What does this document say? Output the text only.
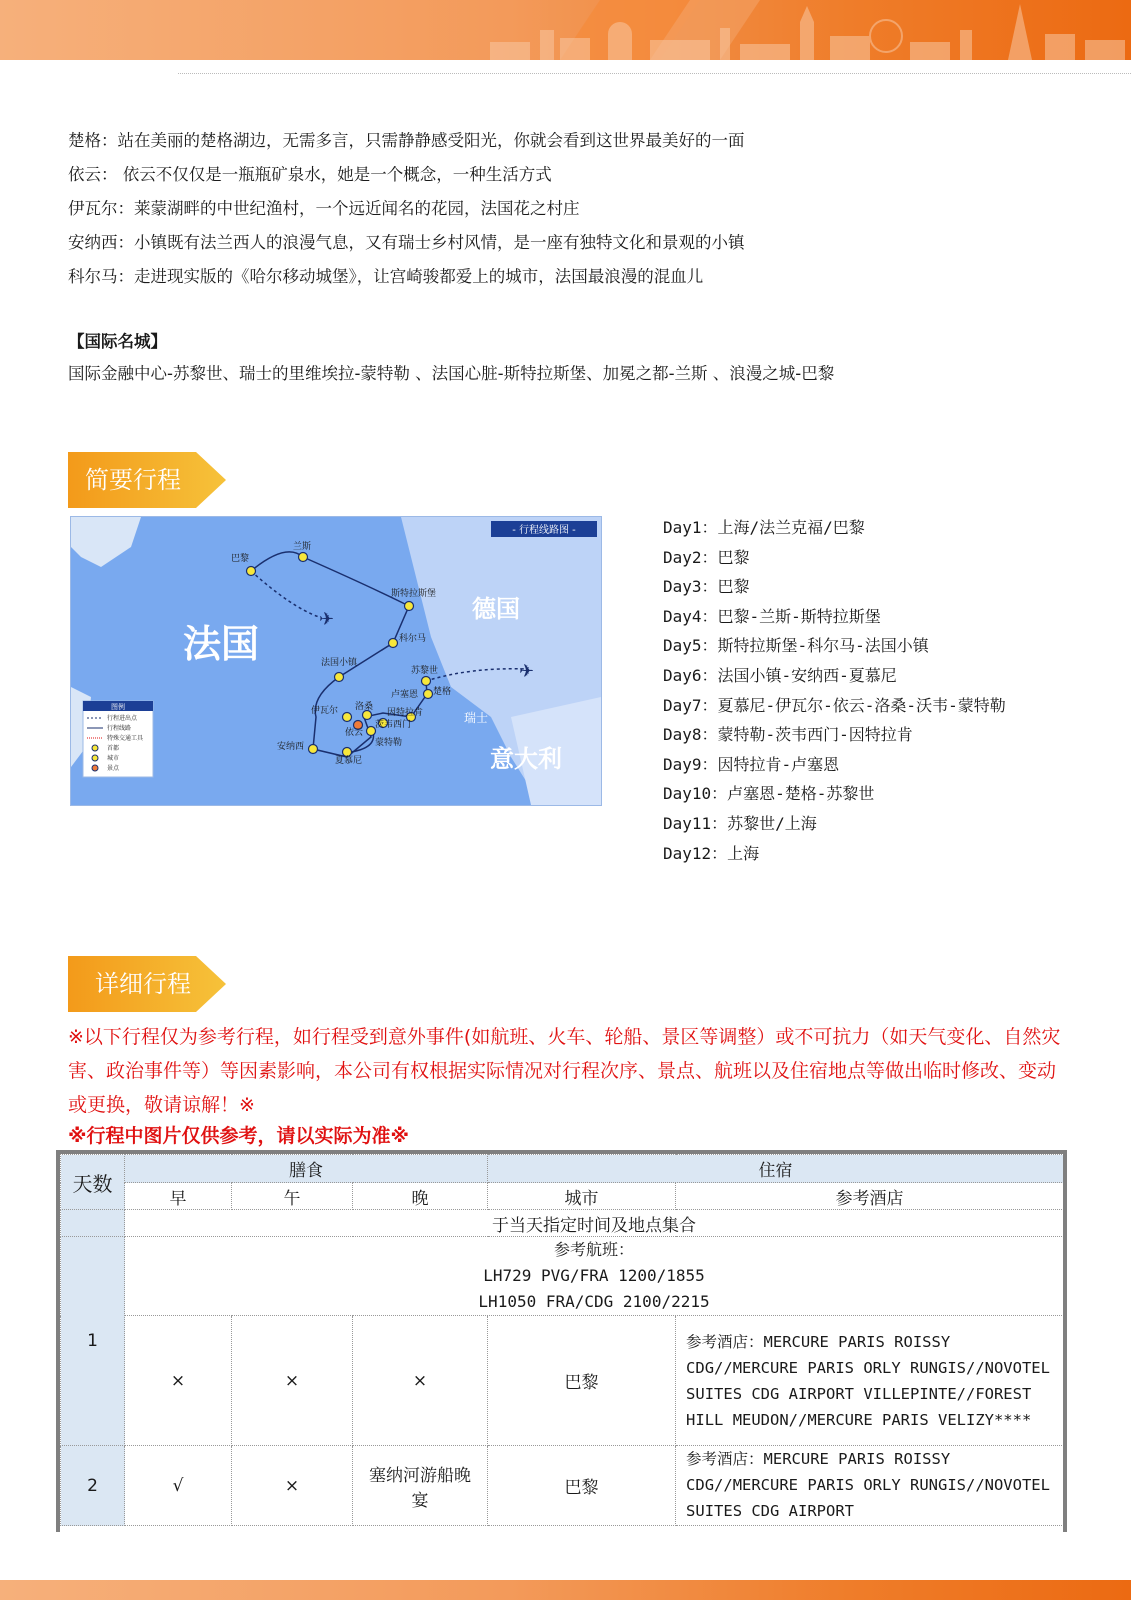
楚格：站在美丽的楚格湖边，无需多言，只需静静感受阳光，你就会看到这世界最美好的一面

依云： 依云不仅仅是一瓶瓶矿泉水，她是一个概念，一种生活方式

伊瓦尔：莱蒙湖畔的中世纪渔村，一个远近闻名的花园，法国花之村庄

安纳西：小镇既有法兰西人的浪漫气息，又有瑞士乡村风情，是一座有独特文化和景观的小镇

科尔马：走进现实版的《哈尔移动城堡》，让宫崎骏都爱上的城市，法国最浪漫的混血儿

【国际名城】
国际金融中心-苏黎世、瑞士的里维埃拉-蒙特勒 、法国心脏-斯特拉斯堡、加冕之都-兰斯 、浪漫之城-巴黎
简要行程
- 行程线路图 -
法国
德国
意大利
瑞士
✈
✈
巴黎
兰斯
斯特拉斯堡
科尔马
法国小镇
苏黎世
楚格
卢塞恩
因特拉肯
茨韦西门
蒙特勒
洛桑
伊瓦尔
依云
安纳西
夏慕尼
图例
行程进出点
行程线路
特殊交通工具
首都
城市
景点
Day1：上海/法兰克福/巴黎
Day2：巴黎
Day3：巴黎
Day4：巴黎-兰斯-斯特拉斯堡
Day5：斯特拉斯堡-科尔马-法国小镇
Day6：法国小镇-安纳西-夏慕尼
Day7：夏慕尼-伊瓦尔-依云-洛桑-沃韦-蒙特勒
Day8：蒙特勒-茨韦西门-因特拉肯
Day9：因特拉肯-卢塞恩
Day10：卢塞恩-楚格-苏黎世
Day11：苏黎世/上海
Day12：上海
详细行程
※以下行程仅为参考行程，如行程受到意外事件(如航班、火车、轮船、景区等调整）或不可抗力（如天气变化、自然灾害、政治事件等）等因素影响，本公司有权根据实际情况对行程次序、景点、航班以及住宿地点等做出临时修改、变动或更换，敬请谅解！※
※行程中图片仅供参考，请以实际为准※
天数	膳食			住宿	
	早	午	晚	城市	参考酒店
	于当天指定时间及地点集合				
1	参考航班：
LH729 PVG/FRA 1200/1855
LH1050 FRA/CDG 2100/2215				

	×	×	×	巴黎	参考酒店：MERCURE PARIS ROISSY CDG//MERCURE PARIS ORLY RUNGIS//NOVOTEL SUITES CDG AIRPORT VILLEPINTE//FOREST HILL MEUDON//MERCURE PARIS VELIZY****
2	√	×	塞纳河游船晚宴	巴黎	参考酒店：MERCURE PARIS ROISSY CDG//MERCURE PARIS ORLY RUNGIS//NOVOTEL SUITES CDG AIRPORT
